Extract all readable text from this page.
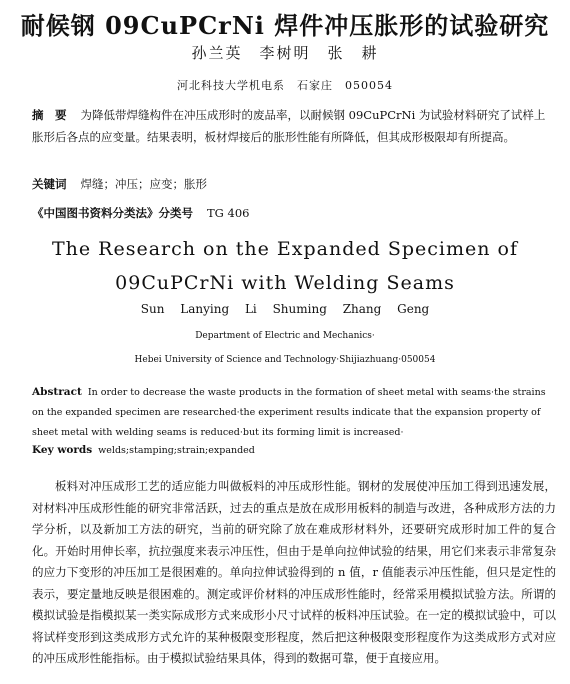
耐候钢 09CuPCrNi 焊件冲压胀形的试验研究
孙兰英　李树明　张　耕
河北科技大学机电系　石家庄　050054
摘　要 为降低带焊缝构件在冲压成形时的废品率，以耐候钢 09CuPCrNi 为试验材料研究了试样上胀形后各点的应变量。结果表明，板材焊接后的胀形性能有所降低，但其成形极限却有所提高。
关键词 焊缝；冲压；应变；胀形
《中国图书资料分类法》分类号 TG 406
The Research on the Expanded Specimen of 09CuPCrNi with Welding Seams
Sun Lanying Li Shuming Zhang Geng
Department of Electric and Mechanics·
Hebei University of Science and Technology·Shijiazhuang·050054
Abstract In order to decrease the waste products in the formation of sheet metal with seams·the strains on the expanded specimen are researched·the experiment results indicate that the expansion property of sheet metal with welding seams is reduced·but its forming limit is increased·
Key words welds;stamping;strain;expanded
板料对冲压成形工艺的适应能力叫做板料的冲压成形性能。钢材的发展使冲压加工得到迅速发展，对材料冲压成形性能的研究非常活跃，过去的重点是放在成形用板料的制造与改进，各种成形方法的力学分析，以及新加工方法的研究，当前的研究除了放在难成形材料外，还要研究成形时加工件的复合化。开始时用伸长率，抗拉强度来表示冲压性，但由于是单向拉伸试验的结果，用它们来表示非常复杂的应力下变形的冲压加工是很困难的。单向拉伸试验得到的 n 值，r 值能表示冲压性能，但只是定性的表示，要定量地反映是很困难的。测定或评价材料的冲压成形性能时，经常采用模拟试验方法。所谓的模拟试验是指模拟某一类实际成形方式来成形小尺寸试样的板料冲压试验。在一定的模拟试验中，可以将试样变形到这类成形方式允许的某种极限变形程度，然后把这种极限变形程度作为这类成形方式对应的冲压成形性能指标。由于模拟试验结果具体，得到的数据可靠，便于直接应用。
